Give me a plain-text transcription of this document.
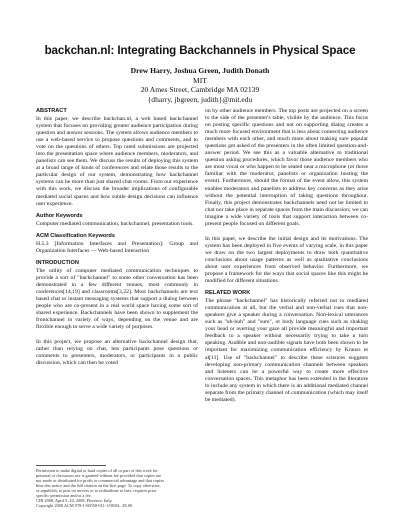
backchan.nl: Integrating Backchannels in Physical Space
Drew Harry, Joshua Green, Judith Donath
MIT
20 Ames Street, Cambridge MA 02139
{dharry, jbgreen, judith}@mit.edu
ABSTRACT

In this paper, we describe backchan.nl, a web based backchannel system that focuses on providing greater audience participation during question and answer sessions. The system allows audience members to use a web-based service to propose questions and comments, and to vote on the questions of others. Top rated submissions are projected into the presentation space where audience members, moderators, and panelists can see them. We discuss the results of deploying this system at a broad range of kinds of conferences and relate those results to the particular design of our system, demonstrating how backchannel systems can be more than just shared chat rooms. From our experience with this work, we discuss the broader implications of configurable mediated social spaces and how subtle design decisions can influence user experience.

Author Keywords

Computer mediated communication, backchannel, presentation tools.

ACM Classification Keywords

H.5.3 [Information Interfaces and Presentation]: Group and Organization Interfaces — Web-based Interaction

INTRODUCTION

The utility of computer mediated communication techniques to provide a sort of "backchannel" to some other conversation has been demonstrated in a few different venues, most commonly in conferences[14,19] and classrooms[3,22]. Most backchannels are text based chat or instant messaging systems that support a dialog between people who are co-present in a real world space having some sort of shared experience. Backchannels have been shown to supplement the frontchannel in variety of ways, depending on the venue and are flexible enough to serve a wide variety of purposes.

In this project, we propose an alternative backchannel design that, rather than relying on chat, lets participants pose questions or comments to presenters, moderators, or participants in a public discussion, which can then be voted

Permission to make digital or hard copies of all or part of this work for
personal or classroom use is granted without fee provided that copies are
not made or distributed for profit or commercial advantage and that copies
bear this notice and the full citation on the first page. To copy otherwise,
or republish, to post on servers or to redistribute to lists, requires prior
specific permission and/or a fee.
CHI 2008, April 5–10, 2008, Florence, Italy.
Copyright 2008 ACM 978-1-60558-011-1/08/04...$5.00.

on by other audience members. The top posts are projected on a screen to the side of the presenter's table, visible by the audience. This focus on posting specific questions and not on supporting dialog creates a much more focused environment that is less about connecting audience members with each other, and much more about making sure popular questions get asked of the presenters in the often limited question-and-answer period. We see this as a valuable alternative to traditional question asking procedures, which favor those audience members who are most vocal or who happen to be seated near a microphone (or those familiar with the moderator, panelists or organization hosting the event). Furthermore, should the format of the event allow, this system enables moderators and panelists to address key concerns as they arise without the potential interruption of taking questions throughout. Finally, this project demonstrates backchannels need not be limited to chat nor take place in separate spaces from the main discussion; we can imagine a wide variety of tools that support interaction between co-present people focused on different goals.

In this paper, we describe the initial design and its motivations. The system has been deployed in five events of varying scale, in this paper we draw on the two largest deployments to draw both quantitative conclusions about usage patterns as well as qualitative conclusions about user experiences from observed behavior. Furthermore, we propose a framework for the ways that social spaces like this might be modified for different situations.

RELATED WORK

The phrase "backchannel" has historically referred not to mediated communication at all, but the verbal and non-verbal cues that non-speakers give a speaker during a conversation. Non-lexical utterances such as "uh-huh" and "sure", or body language cues such as shaking your head or averting your gaze all provide meaningful and important feedback to a speaker without necessarily trying to take a turn speaking. Audible and non-audible signals have both been shown to be important for maximizing communication efficiency by Krauss et al[11]. Use of "backchannel" to describe these sciences suggests developing non-primary communication channels between speakers and listeners can be a powerful way to create more effective conversation spaces. This metaphor has been extended in the literature to include any system in which there is an additional mediated channel separate from the primary channel of communication (which may itself be mediated).
